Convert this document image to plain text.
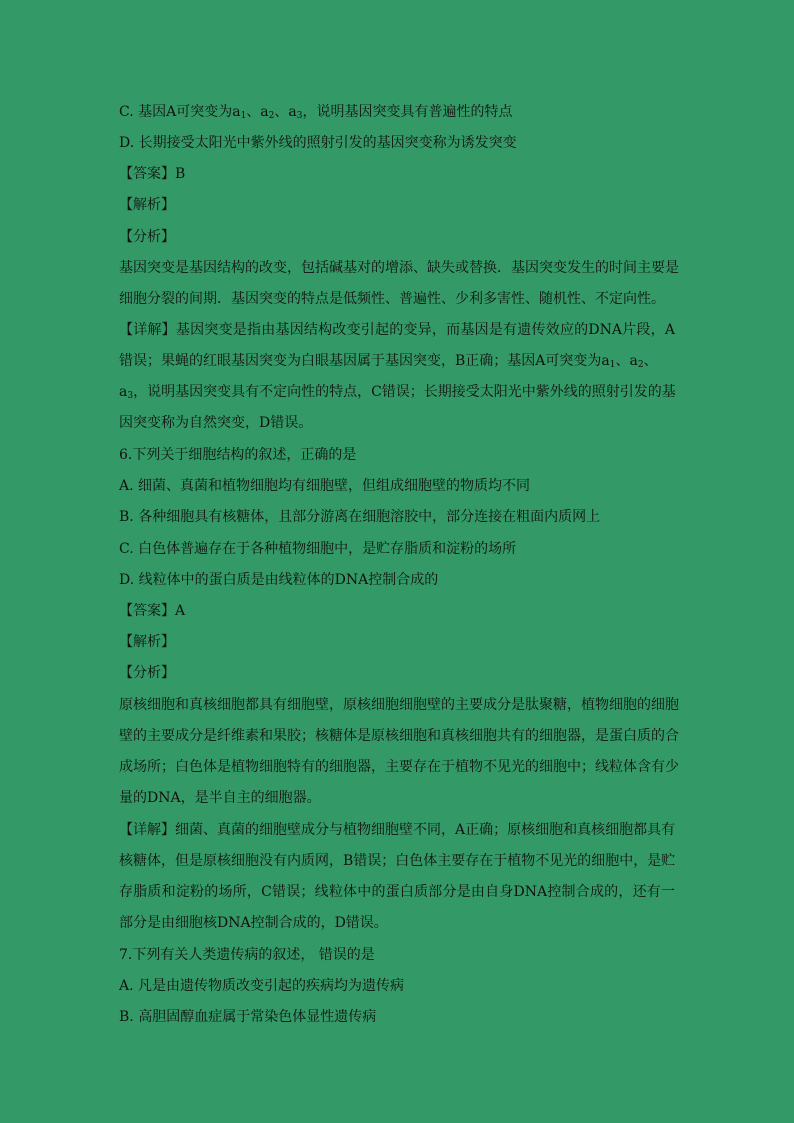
C. 基因A可突变为$a_1$、$a_2$、$a_3$，说明基因突变具有普遍性的特点
D. 长期接受太阳光中紫外线的照射引发的基因突变称为诱发突变
【答案】B
【解析】
【分析】
基因突变是基因结构的改变，包括碱基对的增添、缺失或替换．基因突变发生的时间主要是
细胞分裂的间期．基因突变的特点是低频性、普遍性、少利多害性、随机性、不定向性。
【详解】基因突变是指由基因结构改变引起的变异，而基因是有遗传效应的DNA片段，A
错误；果蝇的红眼基因突变为白眼基因属于基因突变，B正确；基因A可突变为$a_1$、$a_2$、
$a_3$，说明基因突变具有不定向性的特点，C错误；长期接受太阳光中紫外线的照射引发的基
因突变称为自然突变，D错误。
6.下列关于细胞结构的叙述，正确的是
A. 细菌、真菌和植物细胞均有细胞壁，但组成细胞壁的物质均不同
B. 各种细胞具有核糖体，且部分游离在细胞溶胶中，部分连接在粗面内质网上
C. 白色体普遍存在于各种植物细胞中，是贮存脂质和淀粉的场所
D. 线粒体中的蛋白质是由线粒体的DNA控制合成的
【答案】A
【解析】
【分析】
原核细胞和真核细胞都具有细胞壁，原核细胞细胞壁的主要成分是肽聚糖，植物细胞的细胞
壁的主要成分是纤维素和果胶；核糖体是原核细胞和真核细胞共有的细胞器，是蛋白质的合
成场所；白色体是植物细胞特有的细胞器，主要存在于植物不见光的细胞中；线粒体含有少
量的DNA，是半自主的细胞器。
【详解】细菌、真菌的细胞壁成分与植物细胞壁不同，A正确；原核细胞和真核细胞都具有
核糖体，但是原核细胞没有内质网，B错误；白色体主要存在于植物不见光的细胞中，是贮
存脂质和淀粉的场所，C错误；线粒体中的蛋白质部分是由自身DNA控制合成的，还有一
部分是由细胞核DNA控制合成的，D错误。
7.下列有关人类遗传病的叙述， 错误的是
A. 凡是由遗传物质改变引起的疾病均为遗传病
B. 高胆固醇血症属于常染色体显性遗传病
